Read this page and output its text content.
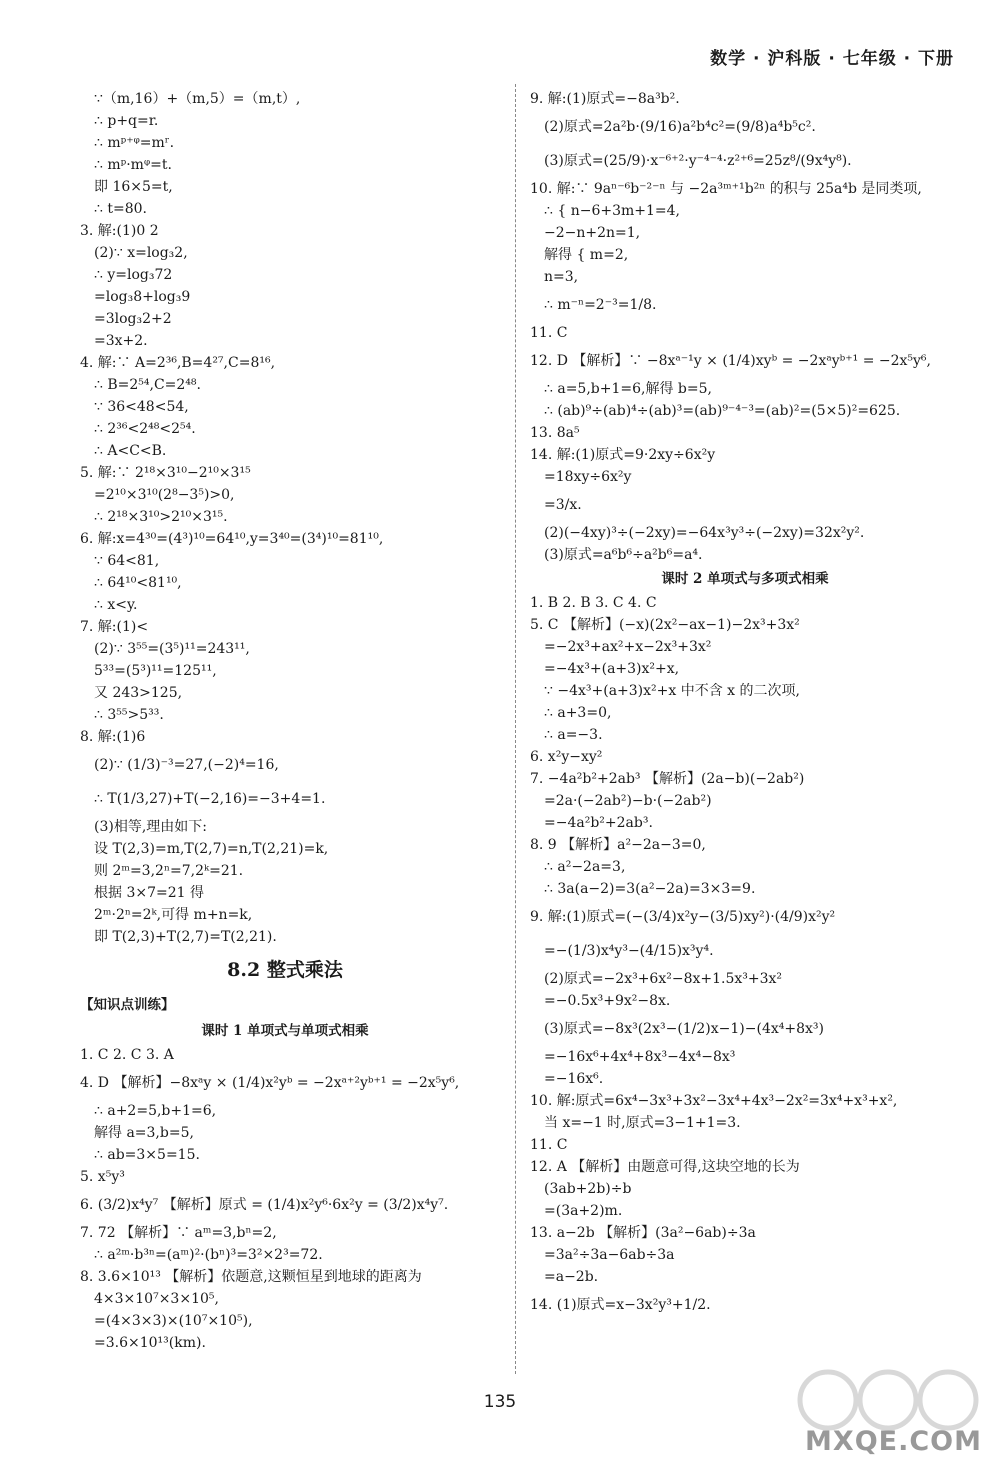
数学 · 沪科版 · 七年级 · 下册
∵（m,16）+（m,5）=（m,t）,
∴ p+q=r.
∴ mᵖ⁺ᵠ=mʳ.
∴ mᵖ·mᵠ=t.
即 16×5=t,
∴ t=80.
3. 解:(1)0 2
(2)∵ x=log₃2,
∴ y=log₃72
=log₃8+log₃9
=3log₃2+2
=3x+2.
4. 解:∵ A=2³⁶,B=4²⁷,C=8¹⁶,
∴ B=2⁵⁴,C=2⁴⁸.
∵ 36<48<54,
∴ 2³⁶<2⁴⁸<2⁵⁴.
∴ A<C<B.
5. 解:∵ 2¹⁸×3¹⁰−2¹⁰×3¹⁵
=2¹⁰×3¹⁰(2⁸−3⁵)>0,
∴ 2¹⁸×3¹⁰>2¹⁰×3¹⁵.
6. 解:x=4³⁰=(4³)¹⁰=64¹⁰,y=3⁴⁰=(3⁴)¹⁰=81¹⁰,
∵ 64<81,
∴ 64¹⁰<81¹⁰,
∴ x<y.
7. 解:(1)<
(2)∵ 3⁵⁵=(3⁵)¹¹=243¹¹,
5³³=(5³)¹¹=125¹¹,
又 243>125,
∴ 3⁵⁵>5³³.
8. 解:(1)6
(2)∵ (1/3)⁻³=27,(−2)⁴=16,
∴ T(1/3,27)+T(−2,16)=−3+4=1.
(3)相等,理由如下:
设 T(2,3)=m,T(2,7)=n,T(2,21)=k,
则 2ᵐ=3,2ⁿ=7,2ᵏ=21.
根据 3×7=21 得
2ᵐ·2ⁿ=2ᵏ,可得 m+n=k,
即 T(2,3)+T(2,7)=T(2,21).
8.2 整式乘法
【知识点训练】
课时 1 单项式与单项式相乘
1. C 2. C 3. A
4. D 【解析】−8xᵃy × (1/4)x²yᵇ = −2xᵃ⁺²yᵇ⁺¹ = −2x⁵y⁶,
∴ a+2=5,b+1=6,
解得 a=3,b=5,
∴ ab=3×5=15.
5. x⁵y³
6. (3/2)x⁴y⁷ 【解析】原式 = (1/4)x²y⁶·6x²y = (3/2)x⁴y⁷.
7. 72 【解析】∵ aᵐ=3,bⁿ=2,
∴ a²ᵐ·b³ⁿ=(aᵐ)²·(bⁿ)³=3²×2³=72.
8. 3.6×10¹³ 【解析】依题意,这颗恒星到地球的距离为
4×3×10⁷×3×10⁵,
=(4×3×3)×(10⁷×10⁵),
=3.6×10¹³(km).
9. 解:(1)原式=−8a³b².
(2)原式=2a²b·(9/16)a²b⁴c²=(9/8)a⁴b⁵c².
(3)原式=(25/9)·x⁻⁶⁺²·y⁻⁴⁻⁴·z²⁺⁶=25z⁸/(9x⁴y⁸).
10. 解:∵ 9aⁿ⁻⁶b⁻²⁻ⁿ 与 −2a³ᵐ⁺¹b²ⁿ 的积与 25a⁴b 是同类项,
∴ { n−6+3m+1=4,
−2−n+2n=1,
解得 { m=2,
n=3,
∴ m⁻ⁿ=2⁻³=1/8.
11. C
12. D 【解析】∵ −8xᵃ⁻¹y × (1/4)xyᵇ = −2xᵃyᵇ⁺¹ = −2x⁵y⁶,
∴ a=5,b+1=6,解得 b=5,
∴ (ab)⁹÷(ab)⁴÷(ab)³=(ab)⁹⁻⁴⁻³=(ab)²=(5×5)²=625.
13. 8a⁵
14. 解:(1)原式=9·2xy÷6x²y
=18xy÷6x²y
=3/x.
(2)(−4xy)³÷(−2xy)=−64x³y³÷(−2xy)=32x²y².
(3)原式=a⁶b⁶÷a²b⁶=a⁴.
课时 2 单项式与多项式相乘
1. B 2. B 3. C 4. C
5. C 【解析】(−x)(2x²−ax−1)−2x³+3x²
=−2x³+ax²+x−2x³+3x²
=−4x³+(a+3)x²+x,
∵ −4x³+(a+3)x²+x 中不含 x 的二次项,
∴ a+3=0,
∴ a=−3.
6. x²y−xy²
7. −4a²b²+2ab³ 【解析】(2a−b)(−2ab²)
=2a·(−2ab²)−b·(−2ab²)
=−4a²b²+2ab³.
8. 9 【解析】a²−2a−3=0,
∴ a²−2a=3,
∴ 3a(a−2)=3(a²−2a)=3×3=9.
9. 解:(1)原式=(−(3/4)x²y−(3/5)xy²)·(4/9)x²y²
=−(1/3)x⁴y³−(4/15)x³y⁴.
(2)原式=−2x³+6x²−8x+1.5x³+3x²
=−0.5x³+9x²−8x.
(3)原式=−8x³(2x³−(1/2)x−1)−(4x⁴+8x³)
=−16x⁶+4x⁴+8x³−4x⁴−8x³
=−16x⁶.
10. 解:原式=6x⁴−3x³+3x²−3x⁴+4x³−2x²=3x⁴+x³+x²,
当 x=−1 时,原式=3−1+1=3.
11. C
12. A 【解析】由题意可得,这块空地的长为
(3ab+2b)÷b
=(3a+2)m.
13. a−2b 【解析】(3a²−6ab)÷3a
=3a²÷3a−6ab÷3a
=a−2b.
14. (1)原式=x−3x²y³+1/2.
135
MXQE.COM
